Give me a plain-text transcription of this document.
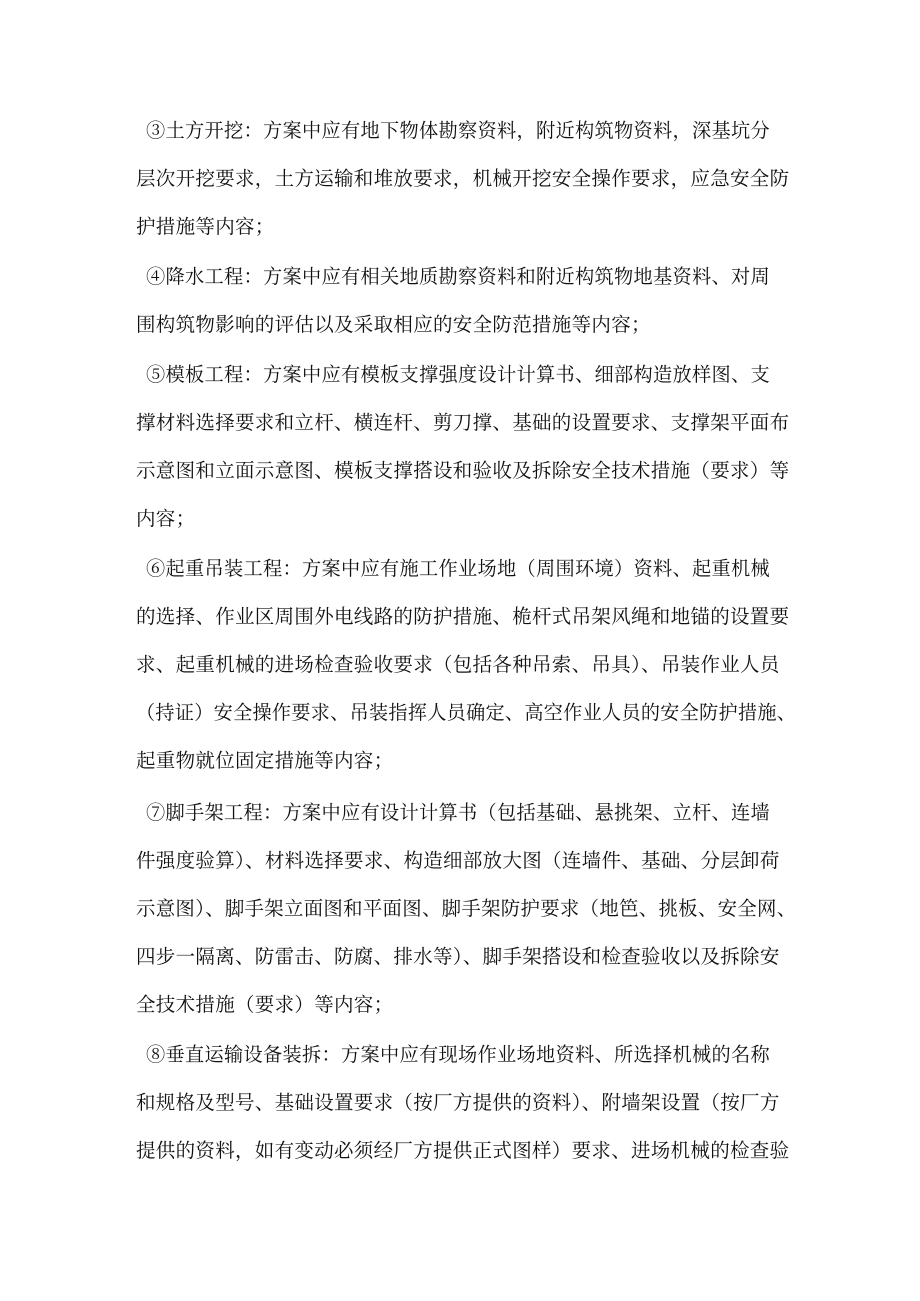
③土方开挖：方案中应有地下物体勘察资料，附近构筑物资料，深基坑分
层次开挖要求，土方运输和堆放要求，机械开挖安全操作要求，应急安全防
护措施等内容；
④降水工程：方案中应有相关地质勘察资料和附近构筑物地基资料、对周
围构筑物影响的评估以及采取相应的安全防范措施等内容；
⑤模板工程：方案中应有模板支撑强度设计计算书、细部构造放样图、支
撑材料选择要求和立杆、横连杆、剪刀撑、基础的设置要求、支撑架平面布
示意图和立面示意图、模板支撑搭设和验收及拆除安全技术措施（要求）等
内容；
⑥起重吊装工程：方案中应有施工作业场地（周围环境）资料、起重机械
的选择、作业区周围外电线路的防护措施、桅杆式吊架风绳和地锚的设置要
求、起重机械的进场检查验收要求（包括各种吊索、吊具）、吊装作业人员
（持证）安全操作要求、吊装指挥人员确定、高空作业人员的安全防护措施、
起重物就位固定措施等内容；
⑦脚手架工程：方案中应有设计计算书（包括基础、悬挑架、立杆、连墙
件强度验算）、材料选择要求、构造细部放大图（连墙件、基础、分层卸荷
示意图）、脚手架立面图和平面图、脚手架防护要求（地笆、挑板、安全网、
四步一隔离、防雷击、防腐、排水等）、脚手架搭设和检查验收以及拆除安
全技术措施（要求）等内容；
⑧垂直运输设备装拆：方案中应有现场作业场地资料、所选择机械的名称
和规格及型号、基础设置要求（按厂方提供的资料）、附墙架设置（按厂方
提供的资料，如有变动必须经厂方提供正式图样）要求、进场机械的检查验
